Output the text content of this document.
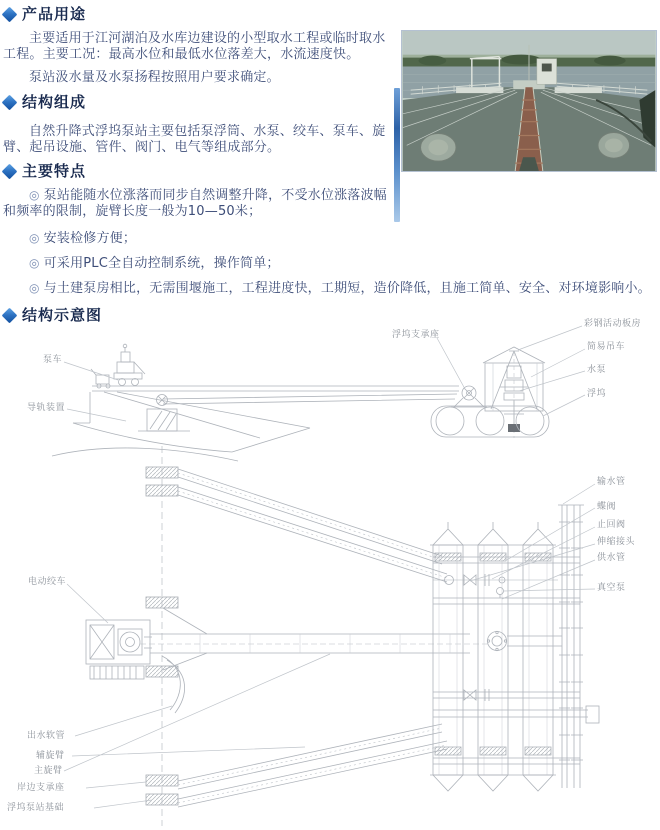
产品用途

主要适用于江河湖泊及水库边建设的小型取水工程或临时取水工程。主要工况：最高水位和最低水位落差大，水流速度快。

泵站汲水量及水泵扬程按照用户要求确定。

结构组成

自然升降式浮坞泵站主要包括泵浮筒、水泵、绞车、泵车、旋臂、起吊设施、管件、阀门、电气等组成部分。

主要特点

◎ 泵站能随水位涨落而同步自然调整升降，不受水位涨落波幅和频率的限制，旋臂长度一般为10—50米；

◎ 安装检修方便；

◎ 可采用PLC全自动控制系统，操作简单；

◎ 与土建泵房相比，无需围堰施工，工程进度快，工期短，造价降低，且施工简单、安全、对环境影响小。

结构示意图
泵车
导轨装置
浮坞支承座
彩钢活动板房
简易吊车
水泵
浮坞
电动绞车
输水管
蝶阀
止回阀
伸缩接头
供水管
真空泵
出水软管
辅旋臂
主旋臂
岸边支承座
浮坞泵站基础
